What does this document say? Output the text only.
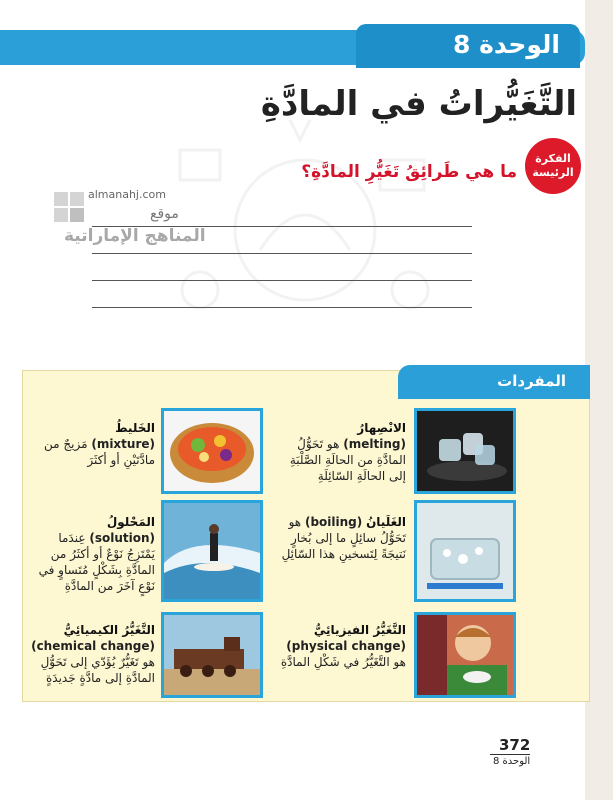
الوحدة 8
التَّغَيُّراتُ في المادَّةِ
الفكرة
الرئيسة
ما هي طَرائِقُ تَغَيُّرِ المادَّةِ؟
almanahj.com
موقع
المناهج الإماراتية
المفردات
الانْصِهارُ
(melting) هو تَحَوُّلُ المادَّةِ من الحالَةِ الصَّلْبَةِ إلى الحالَةِ السّائِلَةِ
الخَليطُ
(mixture) مَزيجٌ من مادَّتَيْنِ أو أكثَرَ
الغَلَيانُ (boiling) هو تَحَوُّلُ سائِلٍ ما إلى بُخارٍ نَتيجَةً لِتَسخينِ هذا السّائِلِ
المَحْلولُ
(solution) عِندَما يَمْتَزِجُ نَوْعٌ أو أكثَرُ من المادَّةِ بِشَكْلٍ مُتَساوٍ في نَوْعٍ آخَرَ من المادَّةِ
التَّغَيُّرُ الفيزيائِيُّ
(physical change) هو التَّغَيُّرُ في شَكْلِ المادَّةِ
التَّغَيُّرُ الكيميائِيُّ
(chemical change) هو تَغَيُّرٌ يُؤَدّي إلى تَحَوُّلِ المادَّةِ إلى مادَّةٍ جَديدَةٍ
372
الوحدة 8
